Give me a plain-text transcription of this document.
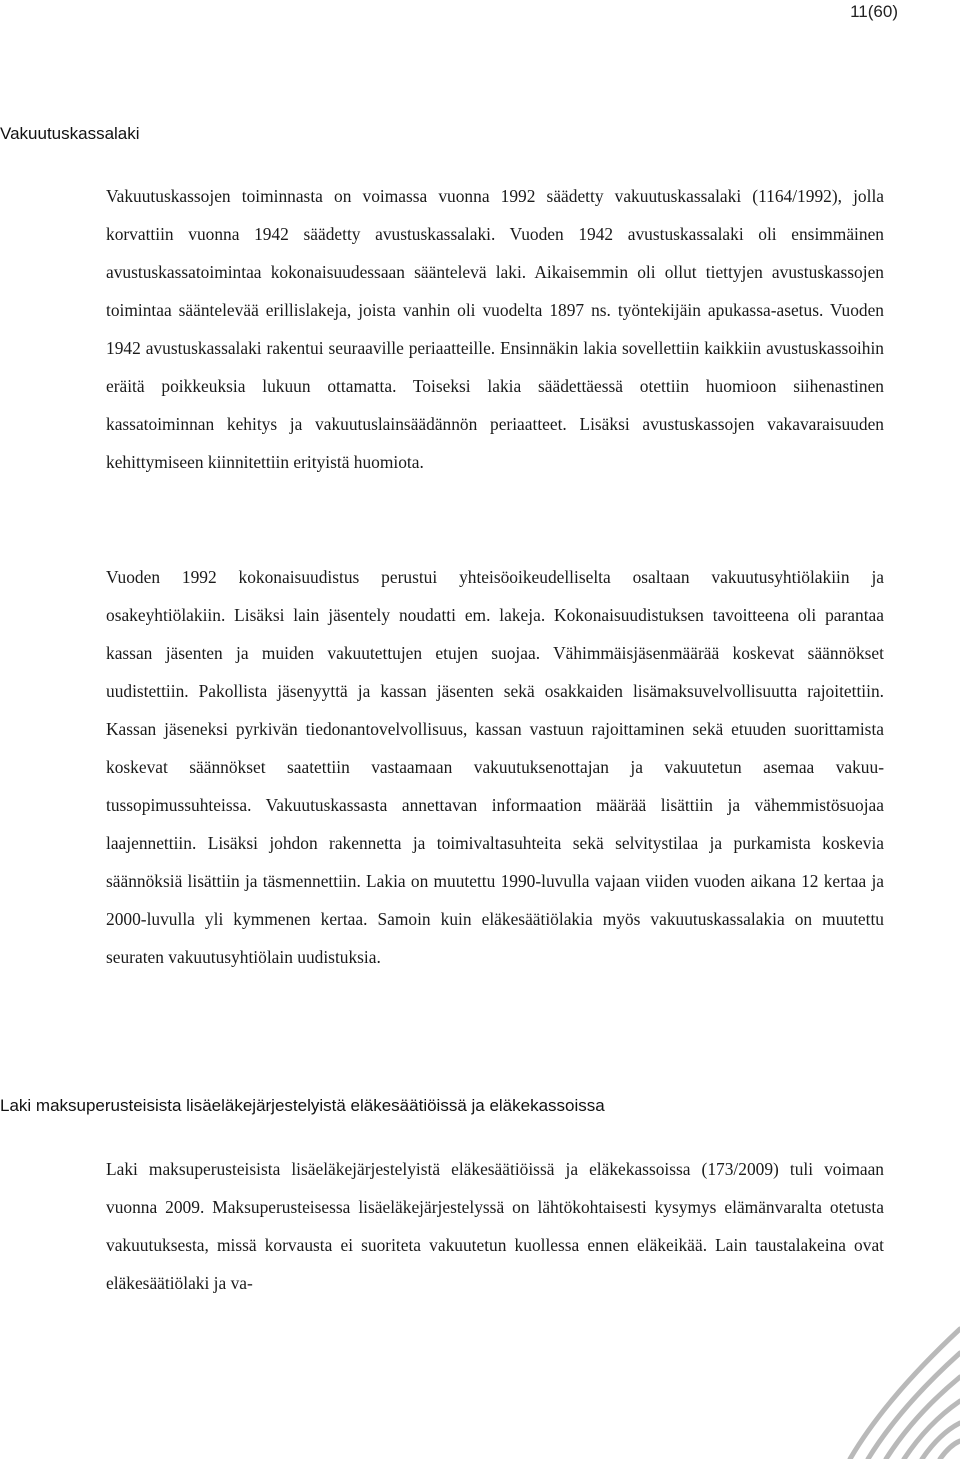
11(60)
Vakuutuskassalaki

Vakuutuskassojen toiminnasta on voimassa vuonna 1992 säädetty vakuutuskassalaki (1164/1992), jolla korvattiin vuonna 1942 säädetty avustuskassalaki. Vuoden 1942 avustuskassalaki oli ensimmäinen avustuskassatoimintaa kokonaisuudessaan sääntelevä laki. Aikaisemmin oli ollut tiettyjen avustuskassojen toimintaa sääntelevää erillislakeja, joista vanhin oli vuodelta 1897 ns. työntekijäin apukassa-asetus. Vuoden 1942 avustuskassalaki rakentui seuraaville periaatteille. Ensinnäkin lakia sovellettiin kaikkiin avustuskassoihin eräitä poikkeuksia lukuun ottamatta. Toiseksi lakia säädettäessä otettiin huomioon siihenastinen kassatoiminnan kehitys ja vakuutuslainsäädännön periaatteet. Lisäksi avustuskassojen vakavaraisuuden kehittymiseen kiinnitettiin erityistä huomiota.

Vuoden 1992 kokonaisuudistus perustui yhteisöoikeudelliselta osaltaan vakuutusyhtiölakiin ja osakeyhtiölakiin. Lisäksi lain jäsentely noudatti em. lakeja. Kokonaisuudistuksen tavoitteena oli parantaa kassan jäsenten ja muiden vakuutettujen etujen suojaa. Vähimmäisjäsenmäärää koskevat säännökset uudistettiin. Pakollista jäsenyyttä ja kassan jäsenten sekä osakkaiden lisämaksuvelvollisuutta rajoitettiin. Kassan jäseneksi pyrkivän tiedonantovelvollisuus, kassan vastuun rajoittaminen sekä etuuden suorittamista koskevat säännökset saatettiin vastaamaan vakuutuksenottajan ja vakuutetun asemaa vakuutussopimussuhteissa. Vakuutuskassasta annettavan informaation määrää lisättiin ja vähemmistösuojaa laajennettiin. Lisäksi johdon rakennetta ja toimivaltasuhteita sekä selvitystilaa ja purkamista koskevia säännöksiä lisättiin ja täsmennettiin. Lakia on muutettu 1990-luvulla vajaan viiden vuoden aikana 12 kertaa ja 2000-luvulla yli kymmenen kertaa. Samoin kuin eläkesäätiölakia myös vakuutuskassalakia on muutettu seuraten vakuutusyhtiölain uudistuksia.

Laki maksuperusteisista lisäeläkejärjestelyistä eläkesäätiöissä ja eläkekassoissa

Laki maksuperusteisista lisäeläkejärjestelyistä eläkesäätiöissä ja eläkekassoissa (173/2009) tuli voimaan vuonna 2009. Maksuperusteisessa lisäeläkejärjestelyssä on lähtökohtaisesti kysymys elämänvaralta otetusta vakuutuksesta, missä korvausta ei suoriteta vakuutetun kuollessa ennen eläkeikää. Lain taustalakeina ovat eläkesäätiölaki ja va-
